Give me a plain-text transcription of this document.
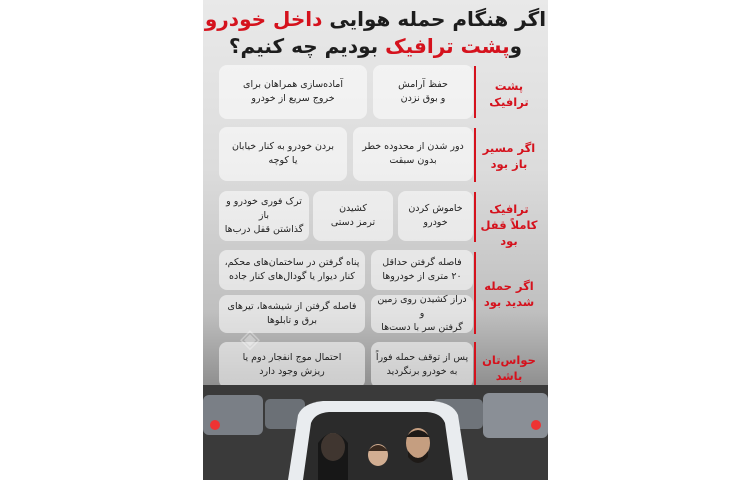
اگر هنگام حمله هوایی داخل خودرو
وپشت ترافیک بودیم چه کنیم؟
پشت ترافیک
حفظ آرامش
و بوق نزدن
آماده‌سازی همراهان برای
خروج سریع از خودرو
اگر مسیر باز بود
دور شدن از محدوده خطر
بدون سبقت
بردن خودرو به کنار خیابان
یا کوچه
ترافیک کاملاً قفل بود
خاموش کردن
خودرو
کشیدن
ترمز دستی
ترک فوری خودرو و باز
گذاشتن قفل درب‌ها
اگر حمله شدید بود
فاصله گرفتن حداقل
۲۰ متری از خودروها
پناه گرفتن در ساختمان‌های محکم،
کنار دیوار یا گودال‌های کنار جاده
دراز کشیدن روی زمین و
گرفتن سر با دست‌ها
فاصله گرفتن از شیشه‌ها، تیرهای
برق و تابلوها
حواس‌تان باشد
پس از توقف حمله فوراً
به خودرو برنگردید
احتمال موج انفجار دوم یا
ریزش وجود دارد
◈
